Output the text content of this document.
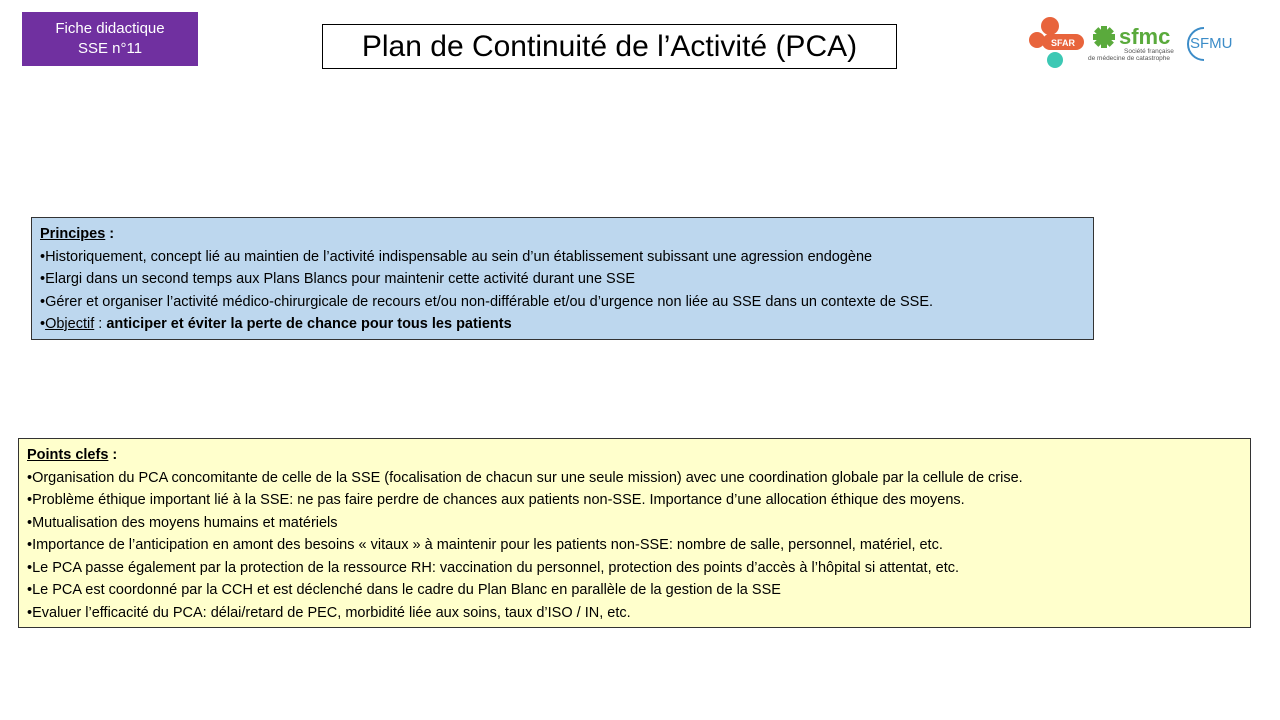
Fiche didactique
SSE n°11	Plan de Continuité de l’Activité (PCA)	SFAR sfmc
Société française
de médecine de catastrophe
SFMU
Principes :
• Historiquement, concept lié au maintien de l’activité indispensable au sein d’un établissement subissant une agression endogène
• Elargi dans un second temps aux Plans Blancs pour maintenir cette activité durant une SSE
• Gérer et organiser l’activité médico-chirurgicale de recours et/ou non-différable et/ou d’urgence non liée au SSE dans un contexte de SSE.
• Objectif : anticiper et éviter la perte de chance pour tous les patients
Points clefs :
• Organisation du PCA concomitante de celle de la SSE (focalisation de chacun sur une seule mission) avec une coordination globale par la cellule de crise.
• Problème éthique important lié à la SSE: ne pas faire perdre de chances aux patients non-SSE. Importance d’une allocation éthique des moyens.
• Mutualisation des moyens humains et matériels
• Importance de l’anticipation en amont des besoins « vitaux » à maintenir pour les patients non-SSE: nombre de salle, personnel, matériel, etc.
• Le PCA passe également par la protection de la ressource RH: vaccination du personnel, protection des points d’accès à l’hôpital si attentat, etc.
• Le PCA est coordonné par la CCH et est déclenché dans le cadre du Plan Blanc en parallèle de la gestion de la SSE
• Evaluer l’efficacité du PCA: délai/retard de PEC, morbidité liée aux soins, taux d’ISO / IN, etc.
